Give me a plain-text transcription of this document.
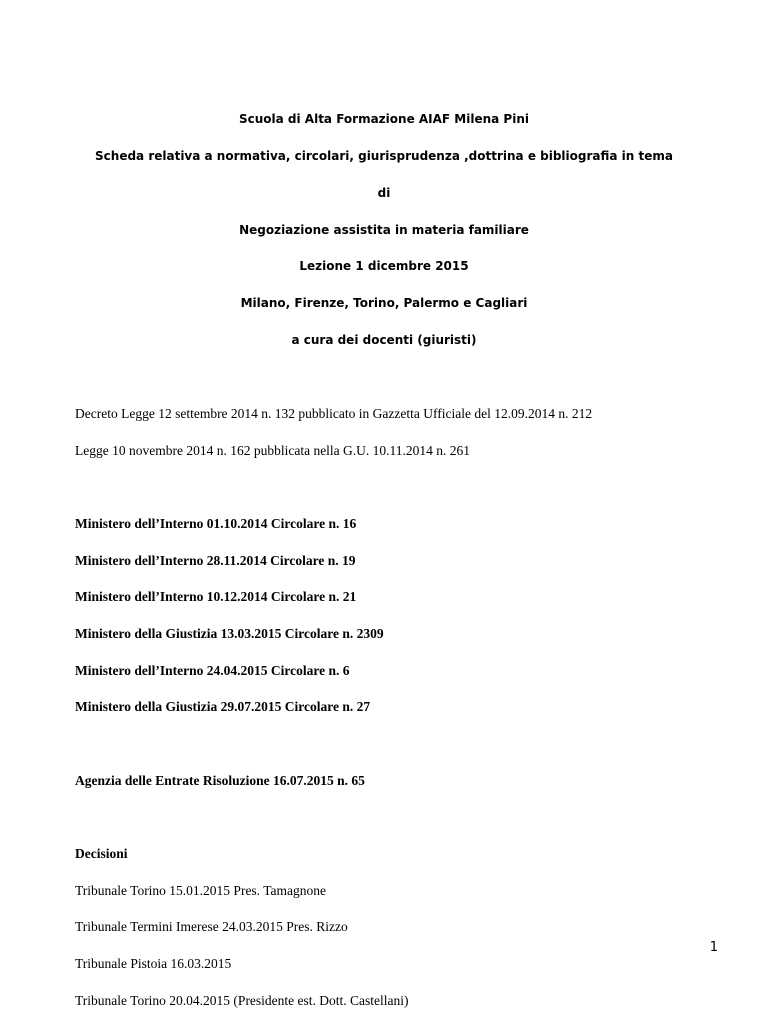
Scuola di Alta Formazione AIAF Milena Pini
Scheda relativa a normativa, circolari, giurisprudenza ,dottrina e bibliografia in tema
di
Negoziazione assistita in materia familiare
Lezione 1 dicembre 2015
Milano, Firenze, Torino, Palermo e Cagliari
a cura dei docenti (giuristi)
Decreto Legge 12 settembre 2014 n. 132 pubblicato in Gazzetta Ufficiale del 12.09.2014 n. 212
Legge 10 novembre 2014 n. 162 pubblicata nella G.U. 10.11.2014 n. 261
Ministero dell’Interno 01.10.2014 Circolare n. 16
Ministero dell’Interno 28.11.2014 Circolare n. 19
Ministero dell’Interno 10.12.2014 Circolare n. 21
Ministero della Giustizia 13.03.2015 Circolare n. 2309
Ministero dell’Interno 24.04.2015 Circolare n. 6
Ministero della Giustizia 29.07.2015 Circolare n. 27
Agenzia delle Entrate Risoluzione 16.07.2015 n. 65
Decisioni
Tribunale Torino 15.01.2015 Pres. Tamagnone
Tribunale Termini Imerese 24.03.2015 Pres. Rizzo
Tribunale Pistoia 16.03.2015
Tribunale Torino 20.04.2015 (Presidente est. Dott. Castellani)
1
